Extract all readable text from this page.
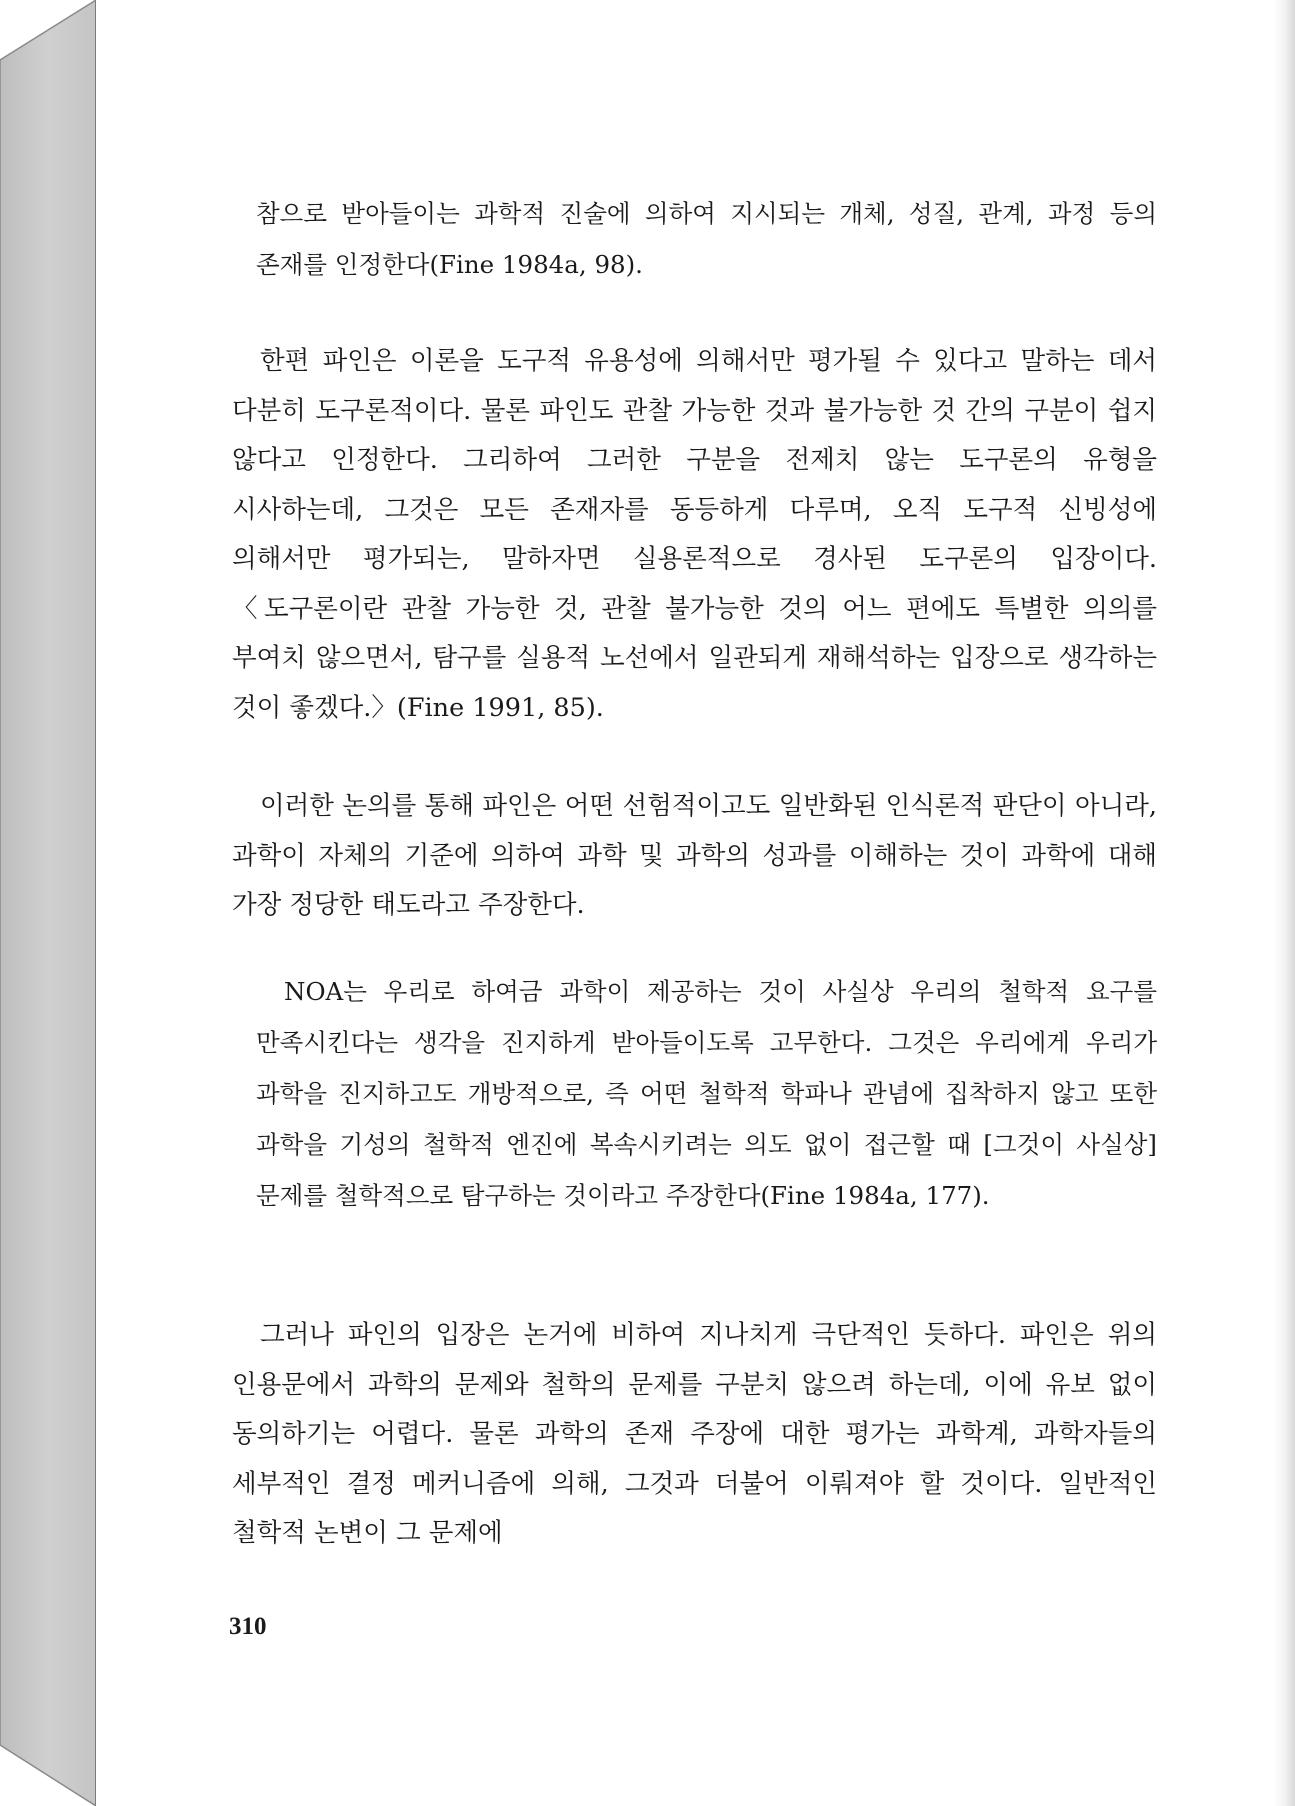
참으로 받아들이는 과학적 진술에 의하여 지시되는 개체, 성질, 관계, 과정 등의 존재를 인정한다(Fine 1984a, 98).

한편 파인은 이론을 도구적 유용성에 의해서만 평가될 수 있다고 말하는 데서 다분히 도구론적이다. 물론 파인도 관찰 가능한 것과 불가능한 것 간의 구분이 쉽지 않다고 인정한다. 그리하여 그러한 구분을 전제치 않는 도구론의 유형을 시사하는데, 그것은 모든 존재자를 동등하게 다루며, 오직 도구적 신빙성에 의해서만 평가되는, 말하자면 실용론적으로 경사된 도구론의 입장이다. 〈도구론이란 관찰 가능한 것, 관찰 불가능한 것의 어느 편에도 특별한 의의를 부여치 않으면서, 탐구를 실용적 노선에서 일관되게 재해석하는 입장으로 생각하는 것이 좋겠다.〉(Fine 1991, 85).

이러한 논의를 통해 파인은 어떤 선험적이고도 일반화된 인식론적 판단이 아니라, 과학이 자체의 기준에 의하여 과학 및 과학의 성과를 이해하는 것이 과학에 대해 가장 정당한 태도라고 주장한다.

NOA는 우리로 하여금 과학이 제공하는 것이 사실상 우리의 철학적 요구를 만족시킨다는 생각을 진지하게 받아들이도록 고무한다. 그것은 우리에게 우리가 과학을 진지하고도 개방적으로, 즉 어떤 철학적 학파나 관념에 집착하지 않고 또한 과학을 기성의 철학적 엔진에 복속시키려는 의도 없이 접근할 때 [그것이 사실상] 문제를 철학적으로 탐구하는 것이라고 주장한다(Fine 1984a, 177).

그러나 파인의 입장은 논거에 비하여 지나치게 극단적인 듯하다. 파인은 위의 인용문에서 과학의 문제와 철학의 문제를 구분치 않으려 하는데, 이에 유보 없이 동의하기는 어렵다. 물론 과학의 존재 주장에 대한 평가는 과학계, 과학자들의 세부적인 결정 메커니즘에 의해, 그것과 더불어 이뤄져야 할 것이다. 일반적인 철학적 논변이 그 문제에

310
